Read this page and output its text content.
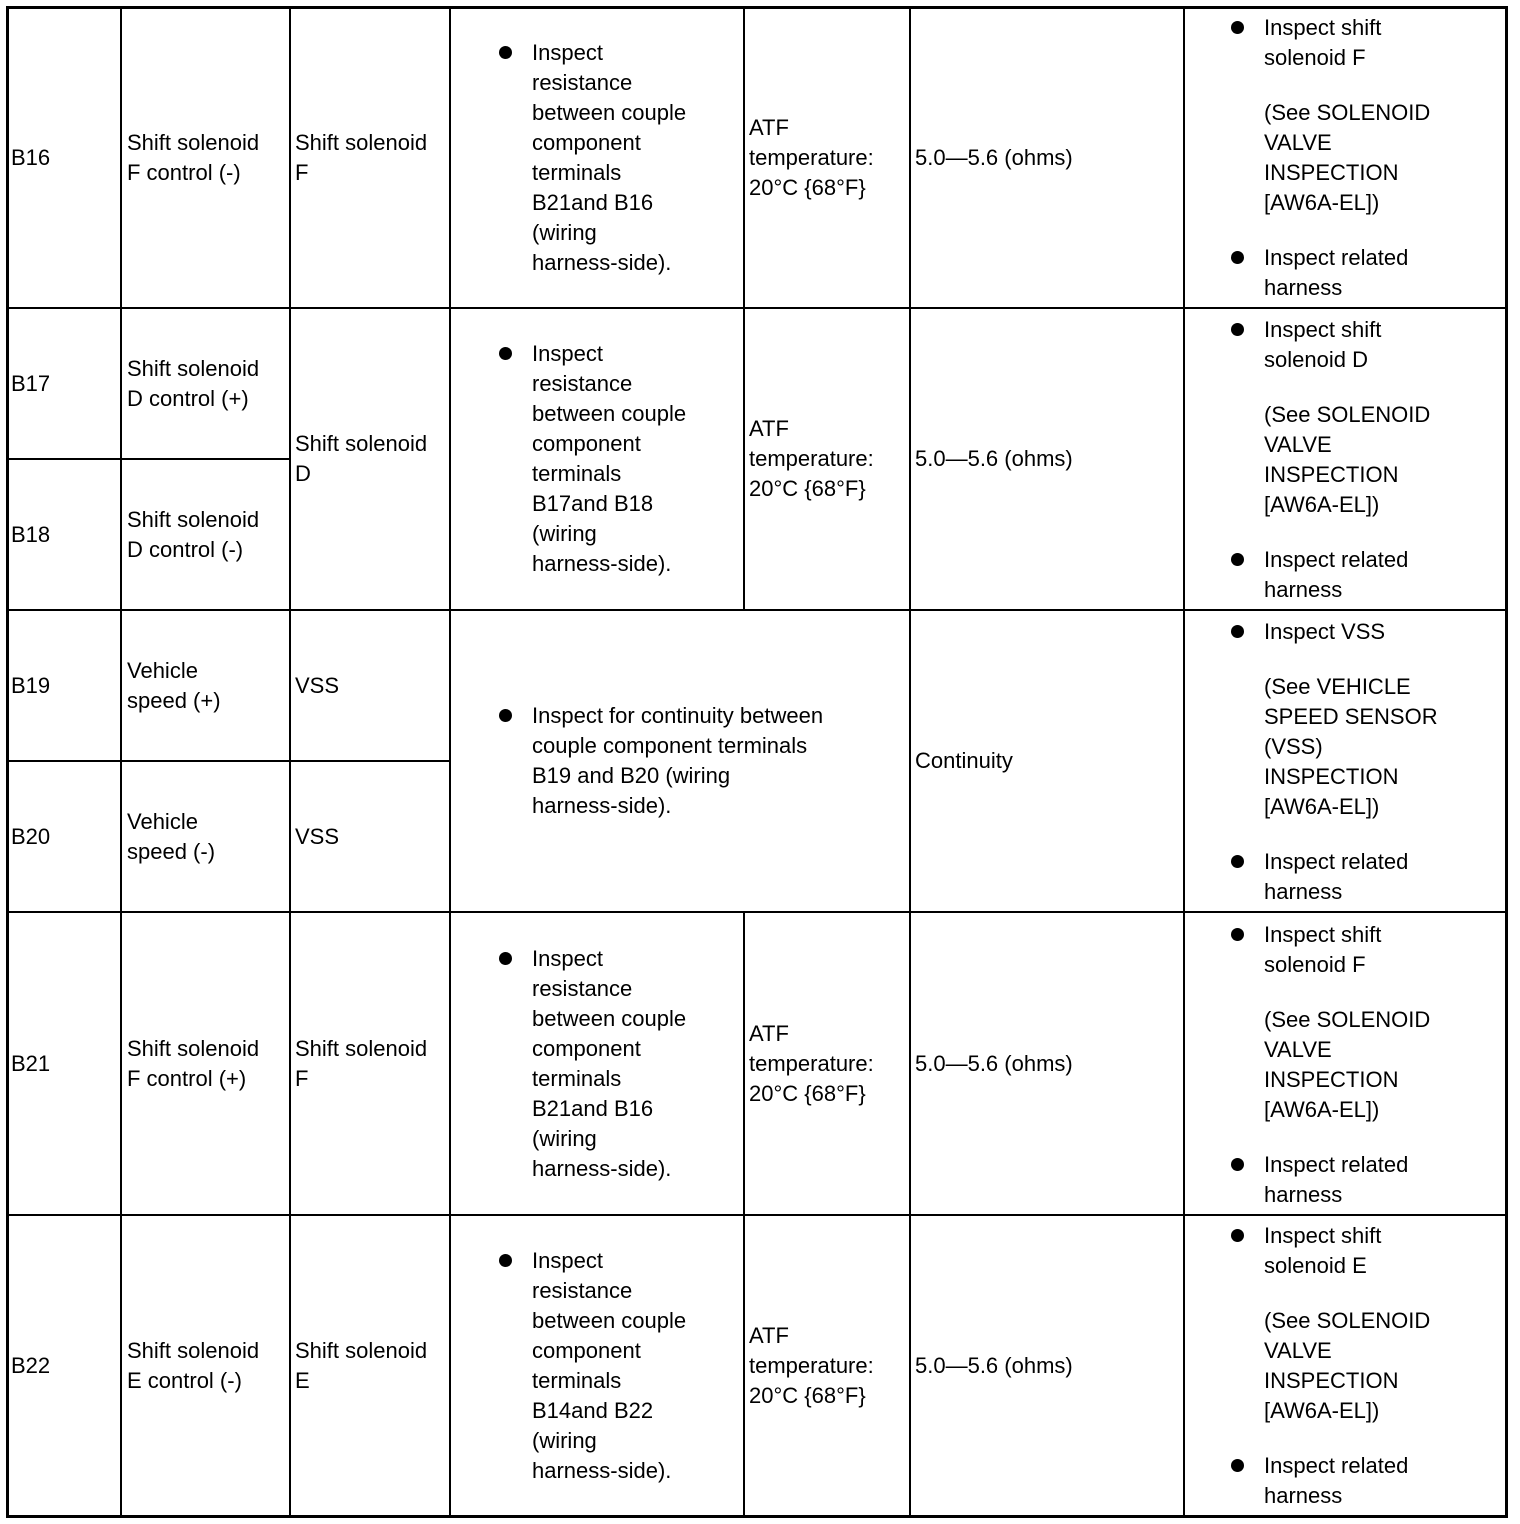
B16
Shift solenoid
F control (-)
Shift solenoid
F
Inspect
resistance
between couple
component
terminals
B21and B16
(wiring
harness-side).
ATF
temperature:
20°C {68°F}
5.0—5.6 (ohms)
Inspect shift
solenoid F
(See SOLENOID
VALVE
INSPECTION
[AW6A-EL])
Inspect related
harness
B17
Shift solenoid
D control (+)
B18
Shift solenoid
D control (-)
Shift solenoid
D
Inspect
resistance
between couple
component
terminals
B17and B18
(wiring
harness-side).
ATF
temperature:
20°C {68°F}
5.0—5.6 (ohms)
Inspect shift
solenoid D
(See SOLENOID
VALVE
INSPECTION
[AW6A-EL])
Inspect related
harness
B19
Vehicle
speed (+)
VSS
B20
Vehicle
speed (-)
VSS
Inspect for continuity between
couple component terminals
B19 and B20 (wiring
harness-side).
Continuity
Inspect VSS
(See VEHICLE
SPEED SENSOR
(VSS)
INSPECTION
[AW6A-EL])
Inspect related
harness
B21
Shift solenoid
F control (+)
Shift solenoid
F
Inspect
resistance
between couple
component
terminals
B21and B16
(wiring
harness-side).
ATF
temperature:
20°C {68°F}
5.0—5.6 (ohms)
Inspect shift
solenoid F
(See SOLENOID
VALVE
INSPECTION
[AW6A-EL])
Inspect related
harness
B22
Shift solenoid
E control (-)
Shift solenoid
E
Inspect
resistance
between couple
component
terminals
B14and B22
(wiring
harness-side).
ATF
temperature:
20°C {68°F}
5.0—5.6 (ohms)
Inspect shift
solenoid E
(See SOLENOID
VALVE
INSPECTION
[AW6A-EL])
Inspect related
harness
